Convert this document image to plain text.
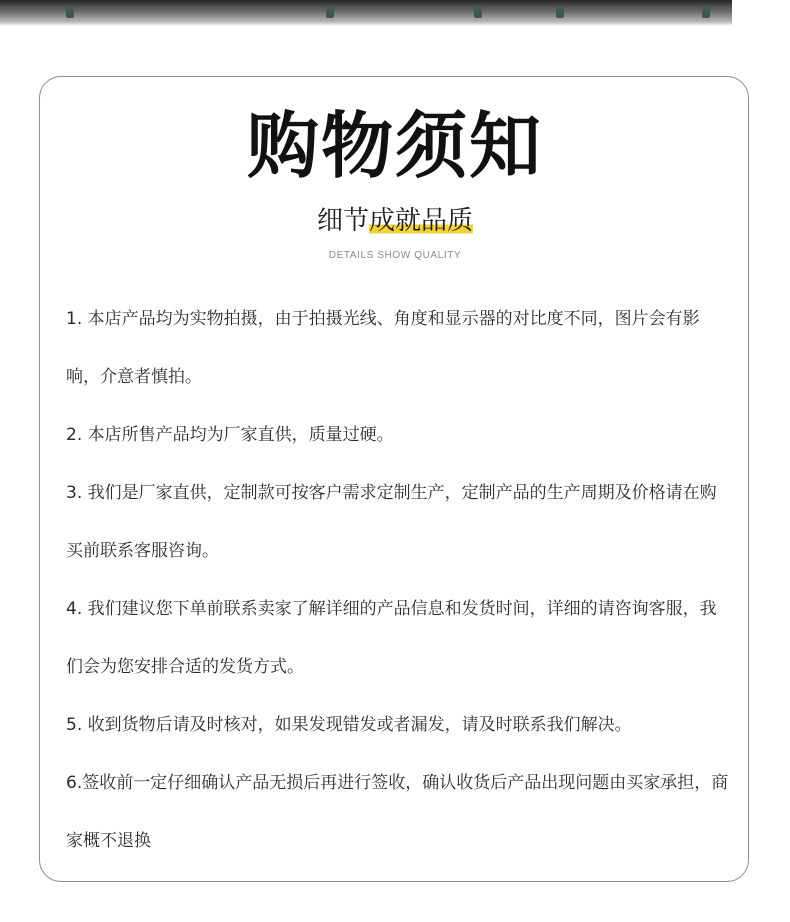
购物须知

细节成就品质

DETAILS SHOW QUALITY

1. 本店产品均为实物拍摄，由于拍摄光线、角度和显示器的对比度不同，图片会有影响，介意者慎拍。
2. 本店所售产品均为厂家直供，质量过硬。
3. 我们是厂家直供，定制款可按客户需求定制生产，定制产品的生产周期及价格请在购买前联系客服咨询。
4. 我们建议您下单前联系卖家了解详细的产品信息和发货时间，详细的请咨询客服，我们会为您安排合适的发货方式。
5. 收到货物后请及时核对，如果发现错发或者漏发，请及时联系我们解决。
6.签收前一定仔细确认产品无损后再进行签收，确认收货后产品出现问题由买家承担，商家概不退换
